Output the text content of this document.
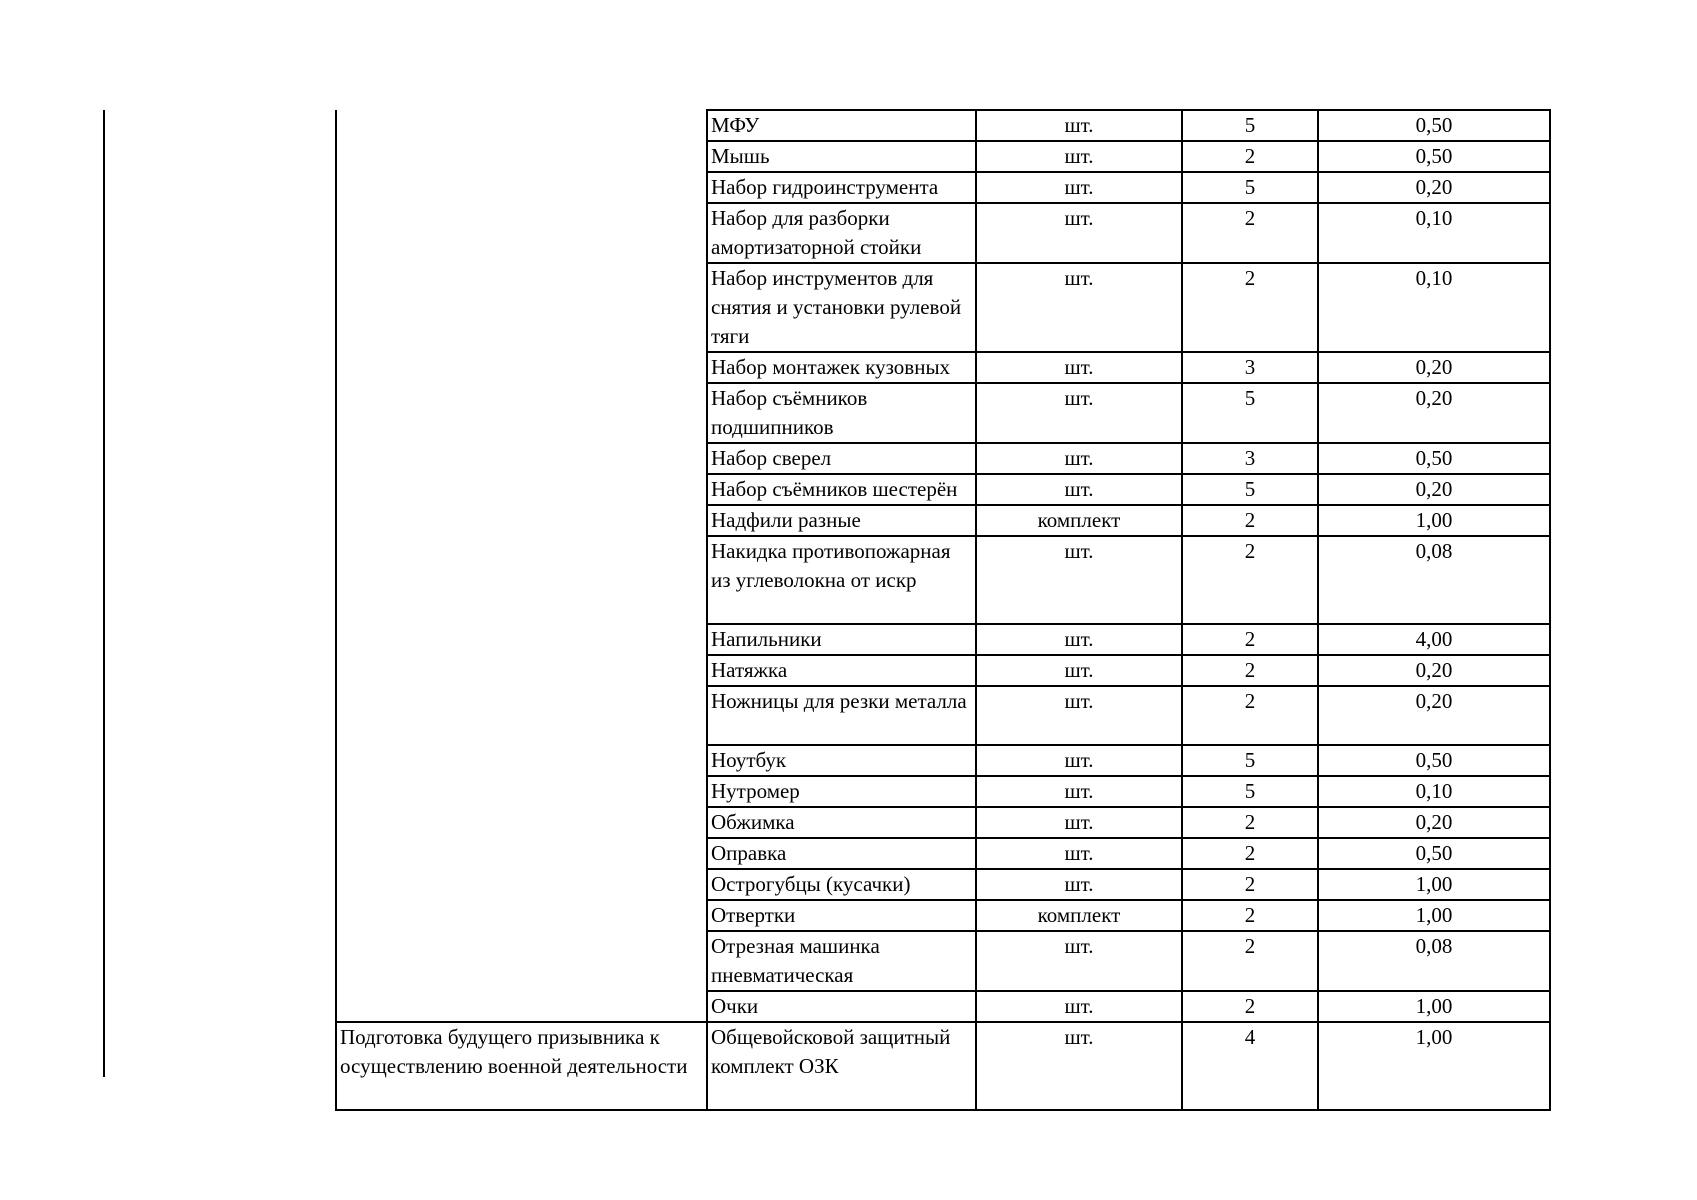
	МФУ	шт.	5	0,50
	Мышь	шт.	2	0,50
	Набор гидроинструмента	шт.	5	0,20
	Набор для разборки амортизаторной стойки	шт.	2	0,10
	Набор инструментов для снятия и установки рулевой тяги	шт.	2	0,10
	Набор монтажек кузовных	шт.	3	0,20
	Набор съёмников подшипников	шт.	5	0,20
	Набор сверел	шт.	3	0,50
	Набор съёмников шестерён	шт.	5	0,20
	Надфили разные	комплект	2	1,00
	Накидка противопожарная из углеволокна от искр	шт.	2	0,08
	Напильники	шт.	2	4,00
	Натяжка	шт.	2	0,20
	Ножницы для резки металла	шт.	2	0,20
	Ноутбук	шт.	5	0,50
	Нутромер	шт.	5	0,10
	Обжимка	шт.	2	0,20
	Оправка	шт.	2	0,50
	Острогубцы (кусачки)	шт.	2	1,00
	Отвертки	комплект	2	1,00
	Отрезная машинка пневматическая	шт.	2	0,08
	Очки	шт.	2	1,00
Подготовка будущего призывника к осуществлению военной деятельности	Общевойсковой защитный комплект ОЗК	шт.	4	1,00
